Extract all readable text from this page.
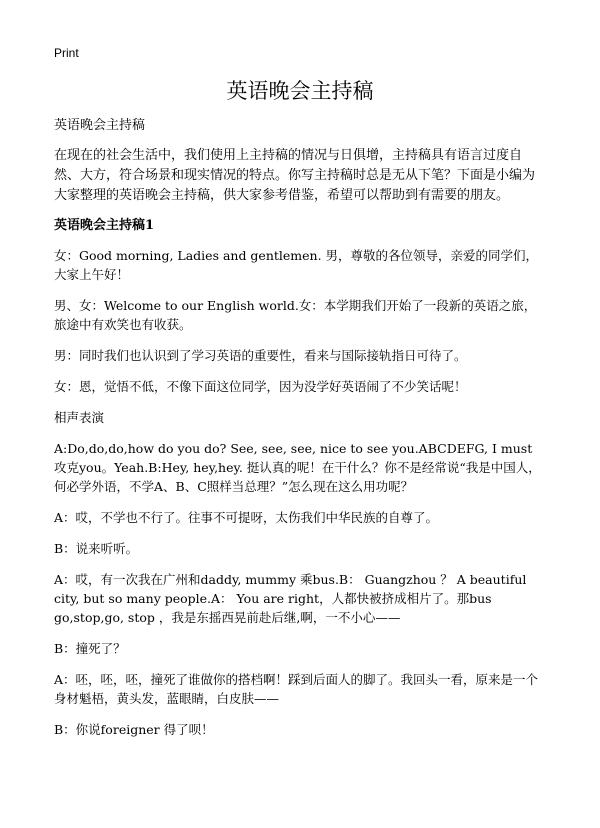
Print
英语晚会主持稿

英语晚会主持稿

在现在的社会生活中，我们使用上主持稿的情况与日俱增，主持稿具有语言过度自然、大方，符合场景和现实情况的特点。你写主持稿时总是无从下笔？下面是小编为大家整理的英语晚会主持稿，供大家参考借鉴，希望可以帮助到有需要的朋友。

英语晚会主持稿1

女：Good morning, Ladies and gentlemen. 男，尊敬的各位领导，亲爱的同学们，大家上午好！

男、女：Welcome to our English world.女：本学期我们开始了一段新的英语之旅，旅途中有欢笑也有收获。

男：同时我们也认识到了学习英语的重要性，看来与国际接轨指日可待了。

女：恩，觉悟不低，不像下面这位同学，因为没学好英语闹了不少笑话呢！

相声表演

A:Do,do,do,how do you do? See, see, see, nice to see you.ABCDEFG, I must 攻克you。Yeah.B:Hey, hey,hey. 挺认真的呢！在干什么？你不是经常说“我是中国人，何必学外语，不学A、B、C照样当总理？”怎么现在这么用功呢？

A：哎，不学也不行了。往事不可提呀，太伤我们中华民族的自尊了。

B：说来听听。

A：哎，有一次我在广州和daddy, mummy 乘bus.B： Guangzhou ？ A beautiful city, but so many people.A： You are right，人都快被挤成相片了。那bus go,stop,go, stop ，我是东摇西晃前赴后继,啊，一不小心——

B：撞死了？

A：呸，呸，呸，撞死了谁做你的搭档啊！踩到后面人的脚了。我回头一看，原来是一个身材魁梧，黄头发，蓝眼睛，白皮肤——

B：你说foreigner 得了呗！
